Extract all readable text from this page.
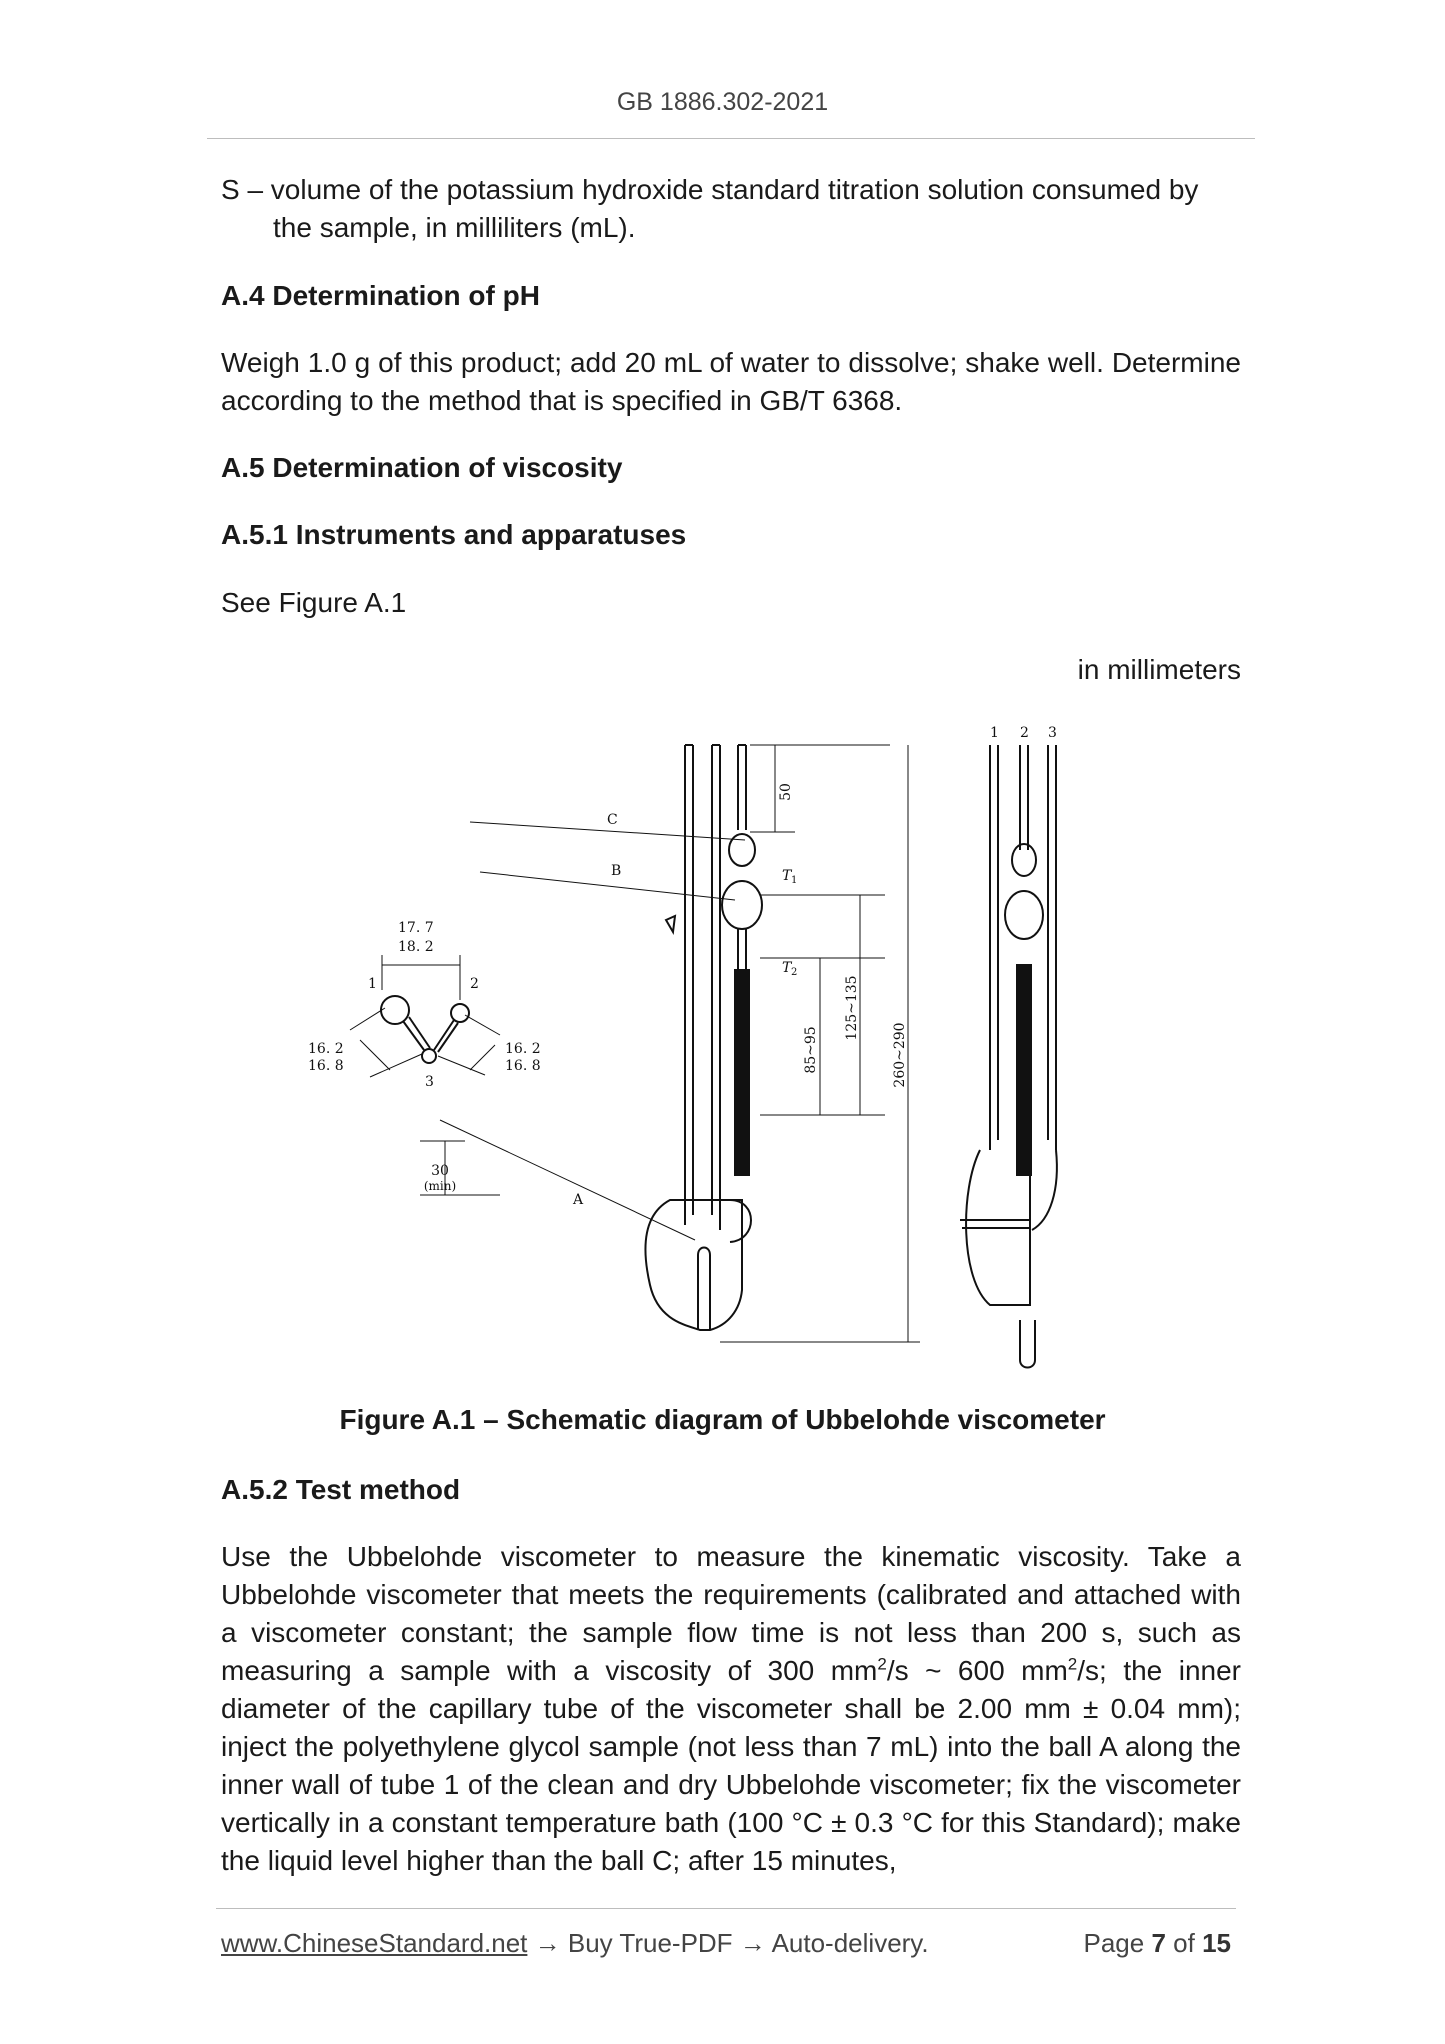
GB 1886.302-2021
S – volume of the potassium hydroxide standard titration solution consumed by
the sample, in milliliters (mL).
A.4 Determination of pH
Weigh 1.0 g of this product; add 20 mL of water to dissolve; shake well. Determine according to the method that is specified in GB/T 6368.
A.5 Determination of viscosity
A.5.1 Instruments and apparatuses
See Figure A.1
in millimeters
17. 7
18. 2
1	2
3
16. 2
16. 8
16. 2
16. 8
C
B
A
T 1
T 2
30
(min)
50
125~135
85~95	260~290
1 2 3
Figure A.1 – Schematic diagram of Ubbelohde viscometer
A.5.2 Test method
Use the Ubbelohde viscometer to measure the kinematic viscosity. Take a Ubbelohde viscometer that meets the requirements (calibrated and attached with a viscometer constant; the sample flow time is not less than 200 s, such as measuring a sample with a viscosity of 300 $mm^2/s$ ~ 600 $mm^2/s$; the inner diameter of the capillary tube of the viscometer shall be 2.00 mm ± 0.04 mm); inject the polyethylene glycol sample (not less than 7 mL) into the ball A along the inner wall of tube 1 of the clean and dry Ubbelohde viscometer; fix the viscometer vertically in a constant temperature bath (100 °C ± 0.3 °C for this Standard); make the liquid level higher than the ball C; after 15 minutes,
www.ChineseStandard.net → Buy True-PDF → Auto-delivery.	Page 7 of 15
